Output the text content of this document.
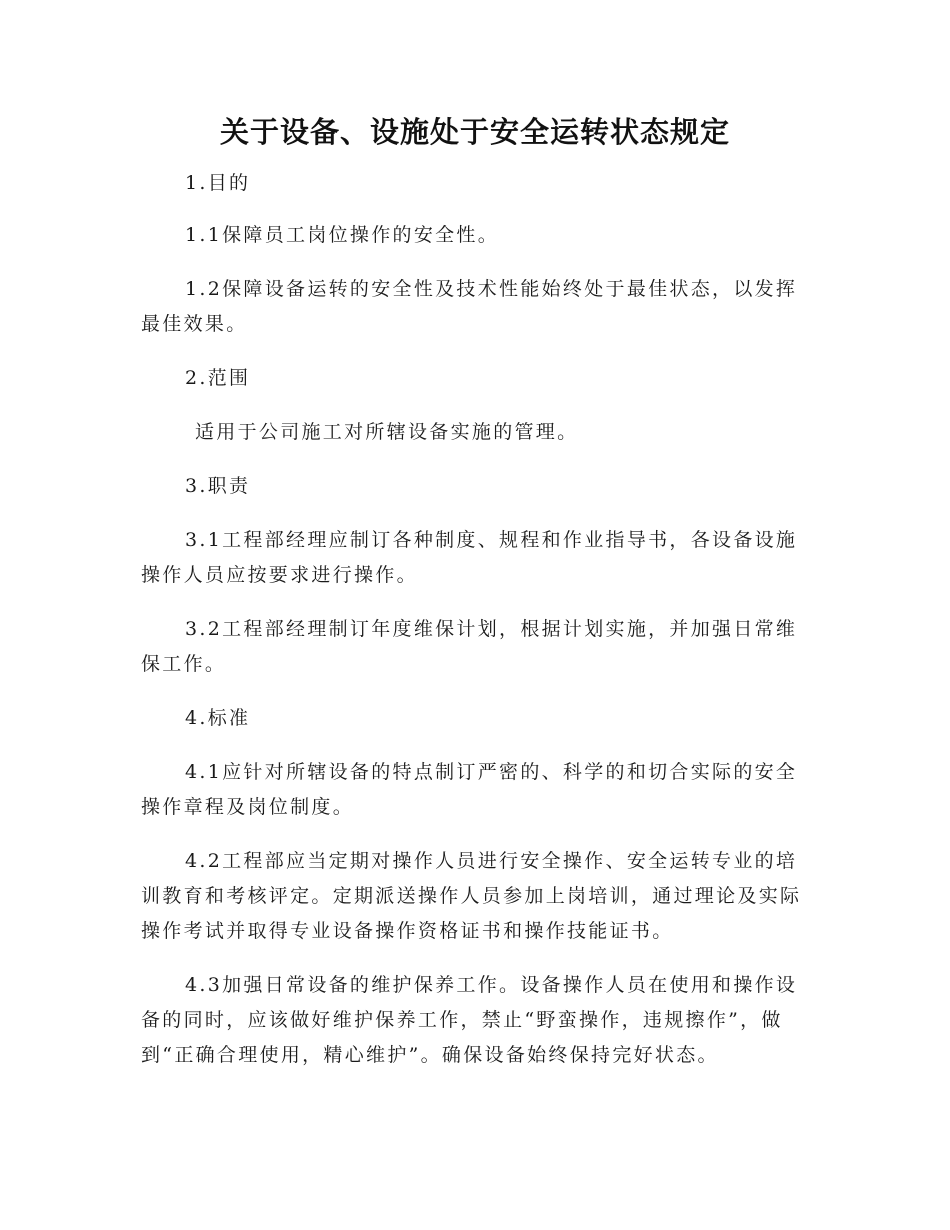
关于设备、设施处于安全运转状态规定

1.目的

1.1保障员工岗位操作的安全性。

1.2保障设备运转的安全性及技术性能始终处于最佳状态，以发挥最佳效果。

2.范围

适用于公司施工对所辖设备实施的管理。

3.职责

3.1工程部经理应制订各种制度、规程和作业指导书，各设备设施操作人员应按要求进行操作。

3.2工程部经理制订年度维保计划，根据计划实施，并加强日常维保工作。

4.标准

4.1应针对所辖设备的特点制订严密的、科学的和切合实际的安全操作章程及岗位制度。

4.2工程部应当定期对操作人员进行安全操作、安全运转专业的培训教育和考核评定。定期派送操作人员参加上岗培训，通过理论及实际操作考试并取得专业设备操作资格证书和操作技能证书。

4.3加强日常设备的维护保养工作。设备操作人员在使用和操作设备的同时，应该做好维护保养工作，禁止“野蛮操作，违规擦作”，做到“正确合理使用，精心维护”。确保设备始终保持完好状态。
